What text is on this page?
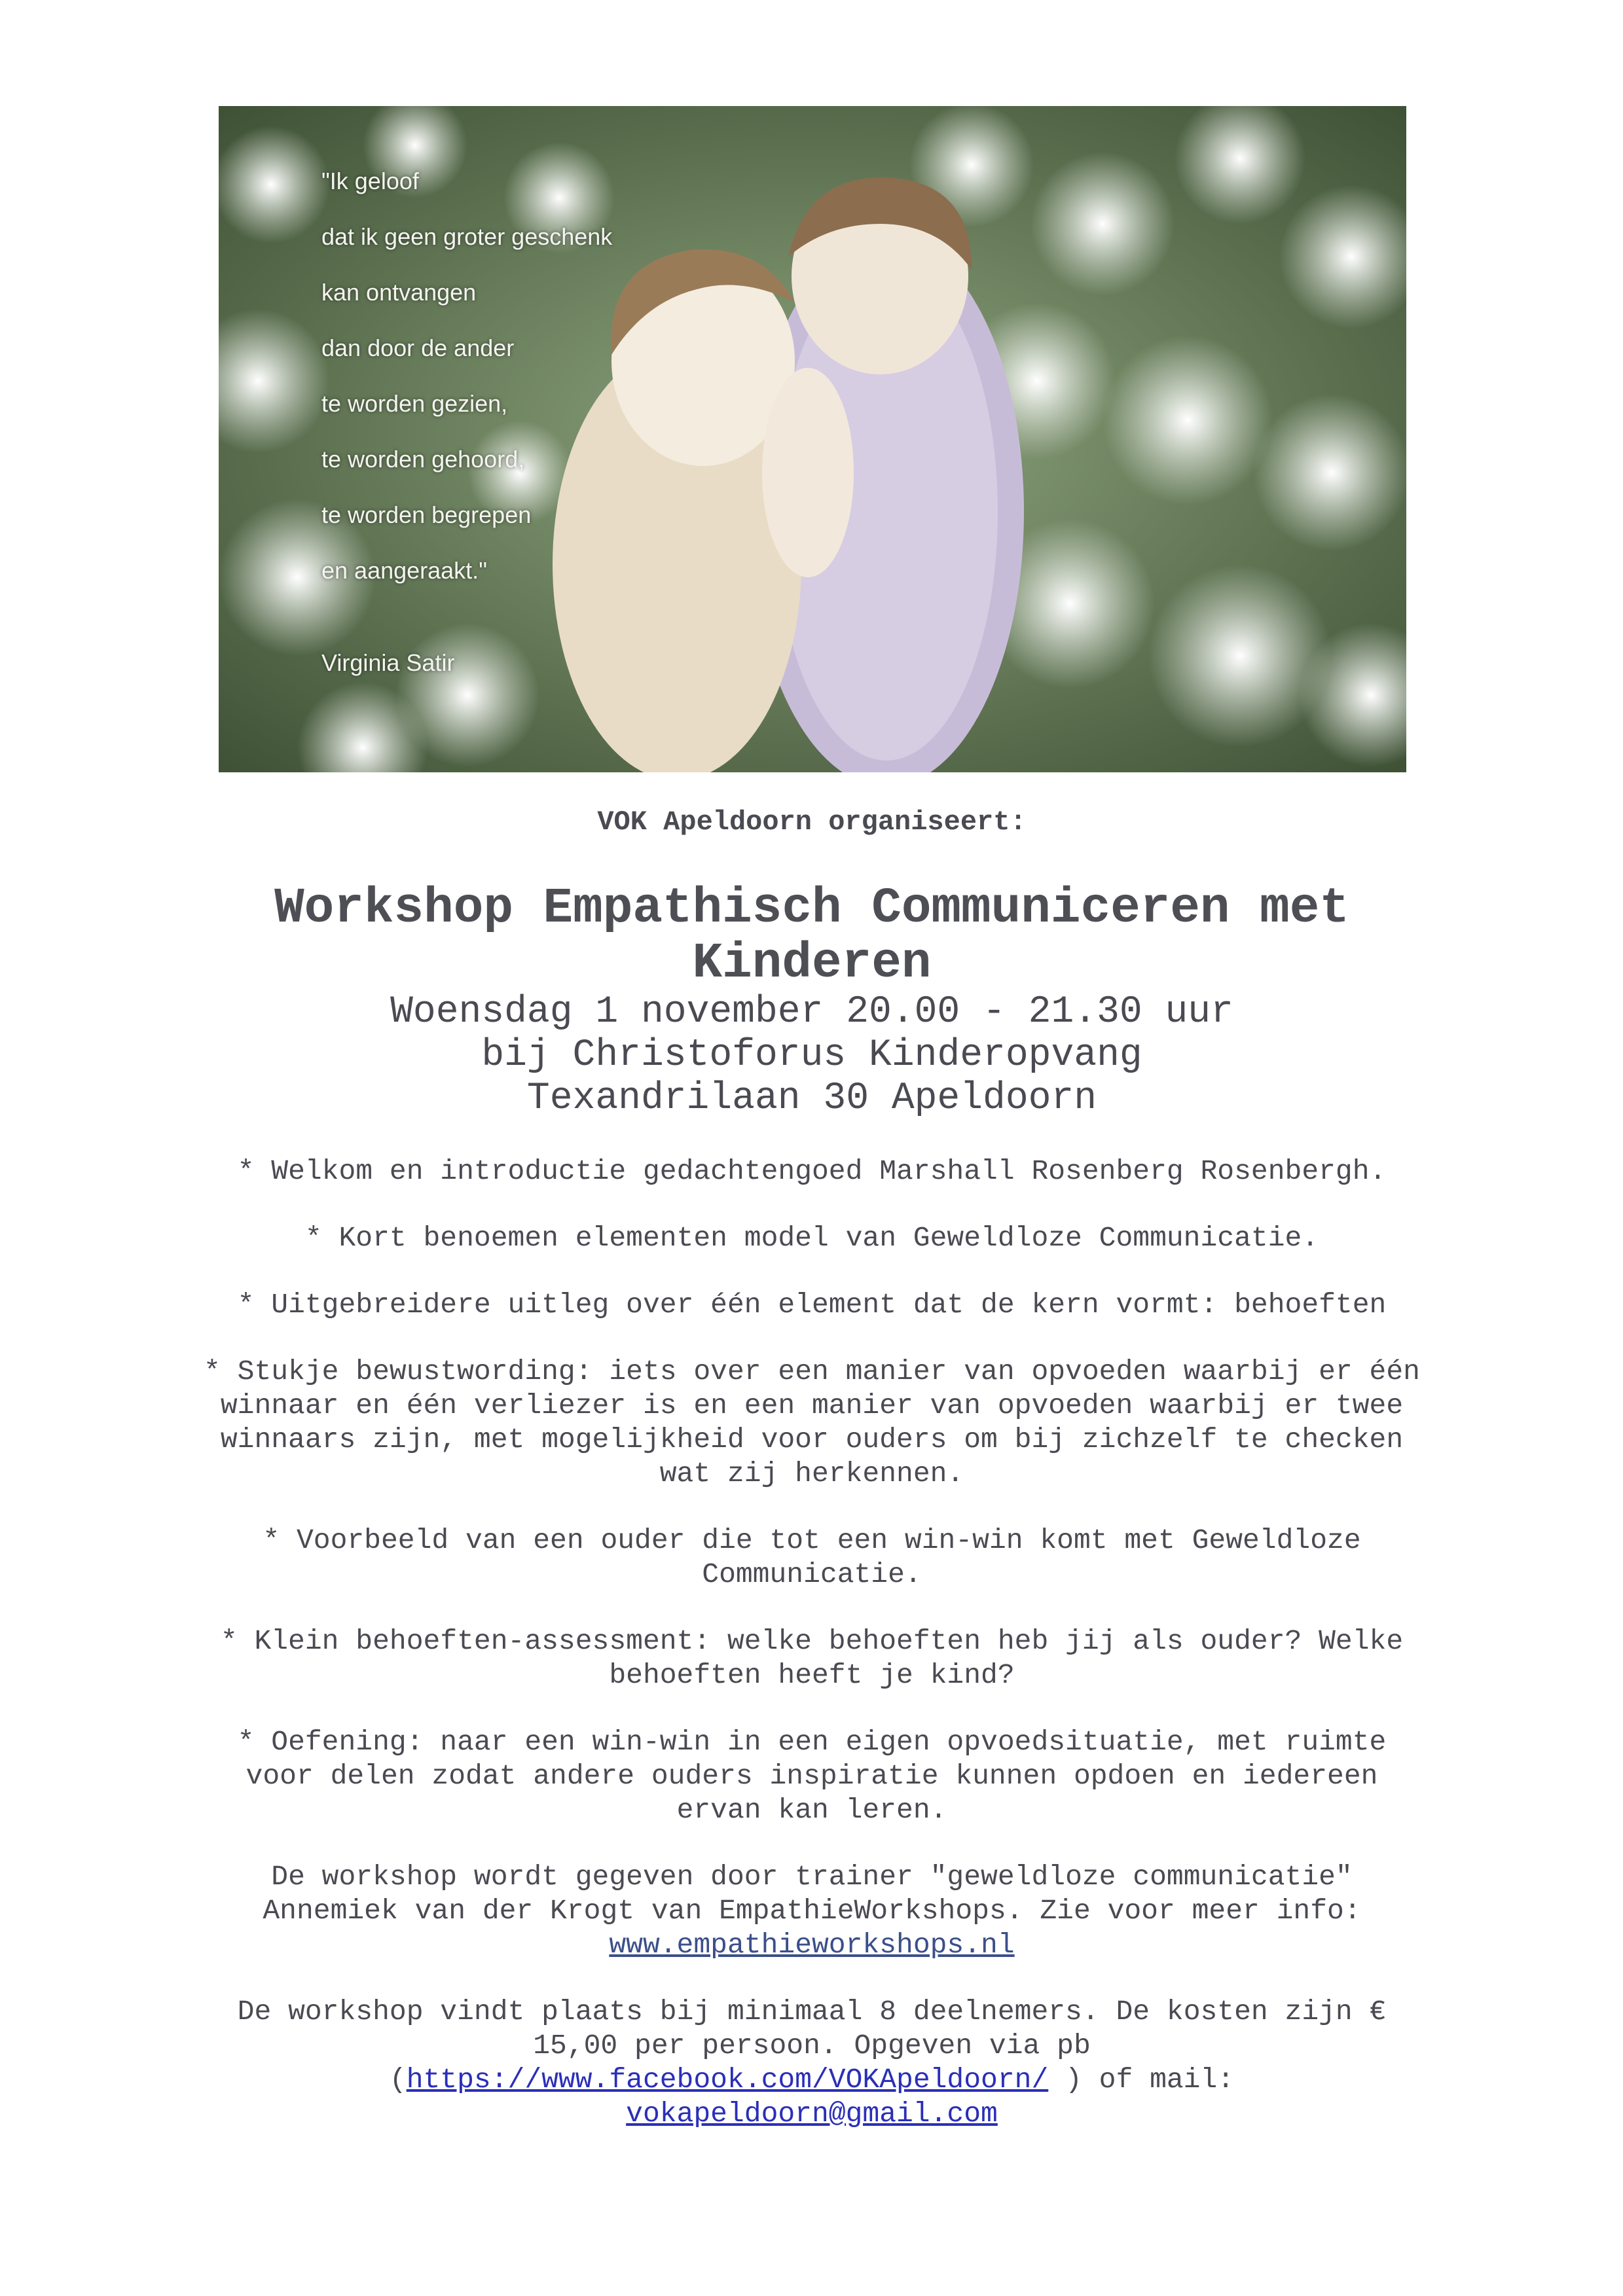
"Ik geloof
dat ik geen groter geschenk
kan ontvangen
dan door de ander
te worden gezien,
te worden gehoord,
te worden begrepen
en aangeraakt."
Virginia Satir

VOK Apeldoorn organiseert:

Workshop Empathisch Communiceren met Kinderen

Woensdag 1 november 20.00 - 21.30 uur

bij Christoforus Kinderopvang

Texandrilaan 30 Apeldoorn

* Welkom en introductie gedachtengoed Marshall Rosenberg Rosenbergh.

* Kort benoemen elementen model van Geweldloze Communicatie.

* Uitgebreidere uitleg over één element dat de kern vormt: behoeften

* Stukje bewustwording: iets over een manier van opvoeden waarbij er één winnaar en één verliezer is en een manier van opvoeden waarbij er twee winnaars zijn, met mogelijkheid voor ouders om bij zichzelf te checken wat zij herkennen.

* Voorbeeld van een ouder die tot een win-win komt met Geweldloze Communicatie.

* Klein behoeften-assessment: welke behoeften heb jij als ouder? Welke behoeften heeft je kind?

* Oefening: naar een win-win in een eigen opvoedsituatie, met ruimte voor delen zodat andere ouders inspiratie kunnen opdoen en iedereen ervan kan leren.

De workshop wordt gegeven door trainer "geweldloze communicatie" Annemiek van der Krogt van EmpathieWorkshops. Zie voor meer info: www.empathieworkshops.nl

De workshop vindt plaats bij minimaal 8 deelnemers. De kosten zijn € 15,00 per persoon. Opgeven via pb (https://www.facebook.com/VOKApeldoorn/ ) of mail: vokapeldoorn@gmail.com
